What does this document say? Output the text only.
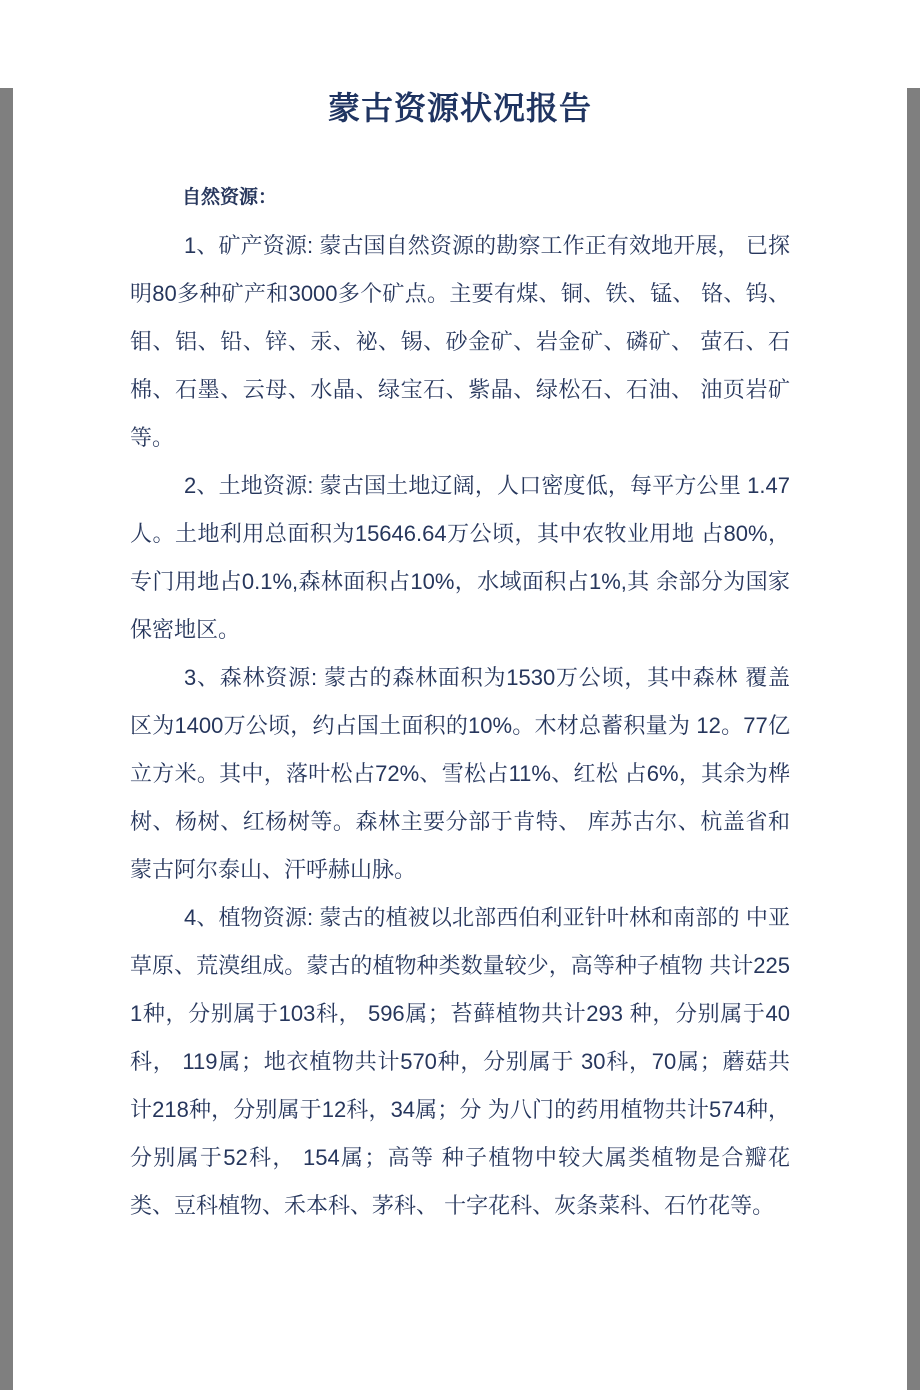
蒙古资源状况报告

自然资源：

1、矿产资源: 蒙古国自然资源的勘察工作正有效地开展， 已探明80多种矿产和3000多个矿点。主要有煤、铜、铁、锰、 铬、钨、钼、铝、铅、锌、汞、袐、锡、砂金矿、岩金矿、磷矿、 萤石、石棉、石墨、云母、水晶、绿宝石、紫晶、绿松石、石油、 油页岩矿等。

2、土地资源: 蒙古国土地辽阔，人口密度低，每平方公里 1.47人。土地利用总面积为15646.64万公顷，其中农牧业用地 占80%，专门用地占0.1%,森林面积占10%，水域面积占1%,其 余部分为国家保密地区。

3、森林资源: 蒙古的森林面积为1530万公顷，其中森林 覆盖区为1400万公顷，约占国土面积的10%。木材总蓄积量为 12。77亿立方米。其中，落叶松占72%、雪松占11%、红松 占6%，其余为桦树、杨树、红杨树等。森林主要分部于肯特、 库苏古尔、杭盖省和蒙古阿尔泰山、汗呼赫山脉。

4、植物资源: 蒙古的植被以北部西伯利亚针叶林和南部的 中亚草原、荒漠组成。蒙古的植物种类数量较少，高等种子植物 共计2251种，分别属于103科， 596属；苔藓植物共计293 种，分别属于40科， 119属；地衣植物共计570种，分别属于 30科，70属；蘑菇共计218种，分别属于12科，34属；分 为八门的药用植物共计574种，分别属于52科， 154属；高等 种子植物中较大属类植物是合瓣花类、豆科植物、禾本科、茅科、 十字花科、灰条菜科、石竹花等。
